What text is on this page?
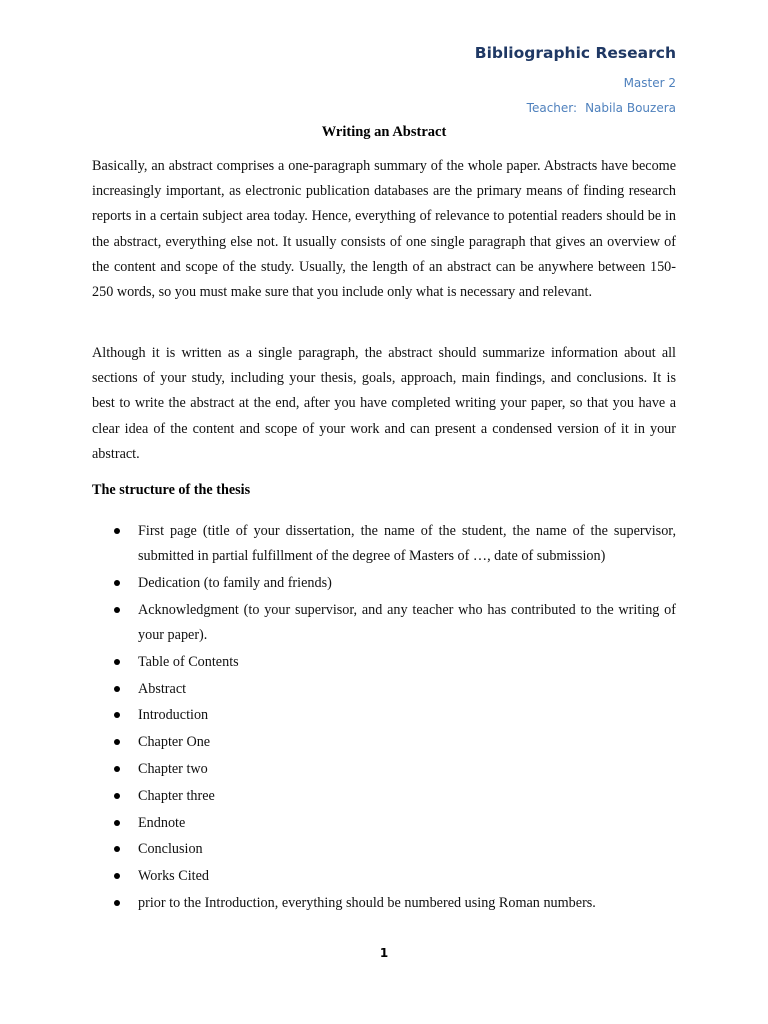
Bibliographic Research
Master 2
Teacher: Nabila Bouzera
Writing an Abstract

Basically, an abstract comprises a one-paragraph summary of the whole paper. Abstracts have become increasingly important, as electronic publication databases are the primary means of finding research reports in a certain subject area today. Hence, everything of relevance to potential readers should be in the abstract, everything else not. It usually consists of one single paragraph that gives an overview of the content and scope of the study. Usually, the length of an abstract can be anywhere between 150-250 words, so you must make sure that you include only what is necessary and relevant.

Although it is written as a single paragraph, the abstract should summarize information about all sections of your study, including your thesis, goals, approach, main findings, and conclusions. It is best to write the abstract at the end, after you have completed writing your paper, so that you have a clear idea of the content and scope of your work and can present a condensed version of it in your abstract.

The structure of the thesis
First page (title of your dissertation, the name of the student, the name of the supervisor, submitted in partial fulfillment of the degree of Masters of …, date of submission)
Dedication (to family and friends)
Acknowledgment (to your supervisor, and any teacher who has contributed to the writing of your paper).
Table of Contents
Abstract
Introduction
Chapter One
Chapter two
Chapter three
Endnote
Conclusion
Works Cited
prior to the Introduction, everything should be numbered using Roman numbers.
1
